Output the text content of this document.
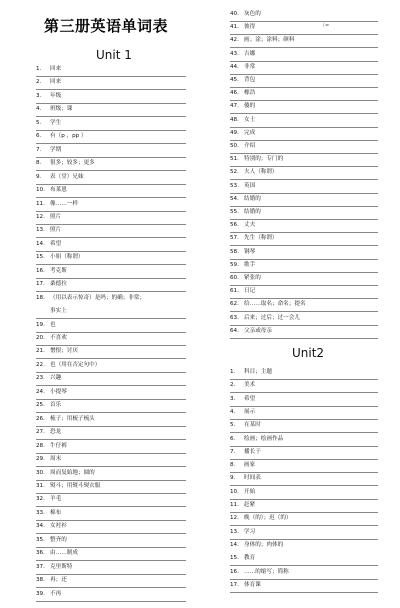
第三册英语单词表
Unit 1
1. 回来
2. 回来
3. 年级
4. 班级；课
5. 学生
6. 有（p ，pp ）
7. 学期
8. 很多；较多；更多
9. 表（堂）兄妹
10. 布莱恩
11. 像……一样
12. 照片
13. 照片
14. 希望
15. 小姐（称谓）
16. 考克斯
17. 桑德拉
18. （用以表示惊奇）是吗；的确；非常；
事实上
19. 也
20. 不喜欢
21. 憎恨；讨厌
22. 也（用在否定句中）
23. 兴趣
24. 小提琴
25. 首乐
26. 梳子；用梳子梳头
27. 恐龙
28. 牛仔裤
29. 周末
30. 周而复始地；圆的
31. 熨斗；用熨斗熨衣服
32. 羊毛
33. 棉布
34. 女衬衫
35. 整齐的
36. 由……制成
37. 克里斯特
38. 再；还
39. 不再
40. 灰色的
（=
41. 彼得
42. 画；涂；涂料；颜料
43. 吉娜
44. 非常
45. 背包
46. 橡浩
47. 傻的
48. 女士
49. 完成
50. 介绍
51. 特别的；专门的
52. 夫人（称谓）
53. 英国
54. 结婚的
55. 结婚的
56. 丈夫
57. 先生（称谓）
58. 钢琴
59. 歌手
60. 紧张的
61. 日记
62. 给……取名；命名；提名
63. 后来；过后；过一会儿
64. 父亲或母亲
Unit2
1. 科目；主题
2. 美术
3. 希望
4. 展示
5. 在某时
6. 绘画；绘画作品
7. 播长于
8. 画家
9. 时间表
10. 开始
11. 赶紧
12. 晚（的）；迟（的）
13. 学习
14. 身体的；肉体的
15. 教育
16. ……的缩写；简称
17. 体育课
